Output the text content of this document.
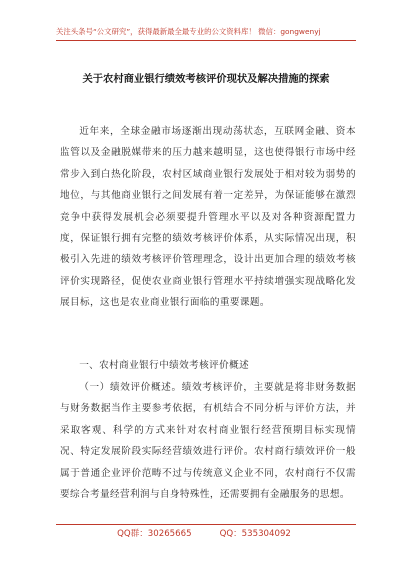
关注头条号“公文研究”，获得最新最全最专业的公文资料库！ 微信：gongwenyj
关于农村商业银行绩效考核评价现状及解决措施的探索

近年来，全球金融市场逐渐出现动荡状态，互联网金融、资本监管以及金融脱媒带来的压力越来越明显，这也使得银行市场中经常步入到白热化阶段，农村区域商业银行发展处于相对较为弱势的地位，与其他商业银行之间发展有着一定差异，为保证能够在激烈竞争中获得发展机会必须要提升管理水平以及对各种资源配置力度，保证银行拥有完整的绩效考核评价体系，从实际情况出现，积极引入先进的绩效考核评价管理理念，设计出更加合理的绩效考核评价实现路径，促使农业商业银行管理水平持续增强实现战略化发展目标，这也是农业商业银行面临的重要课题。

一、农村商业银行中绩效考核评价概述

（一）绩效评价概述。绩效考核评价，主要就是将非财务数据与财务数据当作主要参考依据，有机结合不同分析与评价方法，并采取客观、科学的方式来针对农村商业银行经营预期目标实现情况、特定发展阶段实际经营绩效进行评价。农村商行绩效评价一般属于普通企业评价范畴不过与传统意义企业不同，农村商行不仅需要综合考量经营利润与自身特殊性，还需要拥有金融服务的思想。

QQ群：30265665	QQ：535304092
